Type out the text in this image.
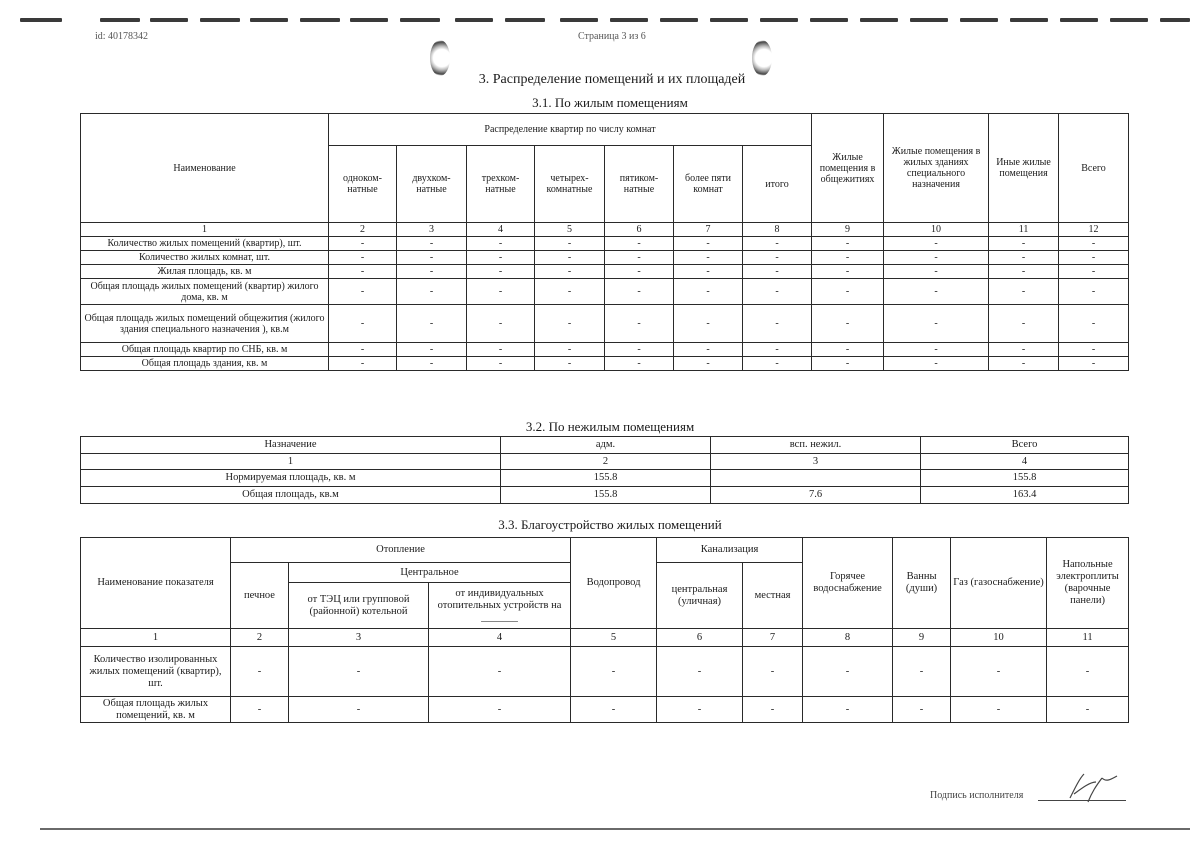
id: 40178342	Страница 3 из 6
3. Распределение помещений и их площадей
3.1. По жилым помещениям
Наименование	Распределение квартир по числу комнат							Жилые помещения в общежитиях	Жилые помещения в жилых зданиях специального назначения	Иные жилые помещения	Всего
	одноком-натные	двухком-натные	трехком-натные	четырех-комнатные	пятиком-натные	более пяти комнат	итого				
1	2	3	4	5	6	7	8	9	10	11	12
Количество жилых помещений (квартир), шт.	-	-	-	-	-	-	-	-	-	-	-
Количество жилых комнат, шт.	-	-	-	-	-	-	-	-	-	-	-
Жилая площадь, кв. м	-	-	-	-	-	-	-	-	-	-	-
Общая площадь жилых помещений (квартир) жилого дома, кв. м	-	-	-	-	-	-	-	-	-	-	-
Общая площадь жилых помещений общежития (жилого здания специального назначения ), кв.м	-	-	-	-	-	-	-	-	-	-	-
Общая площадь квартир по СНБ, кв. м	-	-	-	-	-	-	-	-	-	-	-
Общая площадь здания, кв. м	-	-	-	-	-	-	-	-	-	-	-
3.2. По нежилым помещениям
Назначение	адм.	всп. нежил.	Всего
1	2	3	4
Нормируемая площадь, кв. м	155.8		155.8
Общая площадь, кв.м	155.8	7.6	163.4
3.3. Благоустройство жилых помещений
Наименование показателя	Отопление			Водопровод	Канализация		Горячее водоснабжение	Ванны (души)	Газ (газоснабжение)	Напольные электроплиты (варочные панели)
	печное	Центральное			центральная (уличная)	местная				
		от ТЭЦ или групповой (районной) котельной	от индивидуальных отопительных устройств на _______							
1	2	3	4	5	6	7	8	9	10	11
Количество изолированных жилых помещений (квартир), шт.	-	-	-	-	-	-	-	-	-	-
Общая площадь жилых помещений, кв. м	-	-	-	-	-	-	-	-	-	-
Подпись исполнителя
